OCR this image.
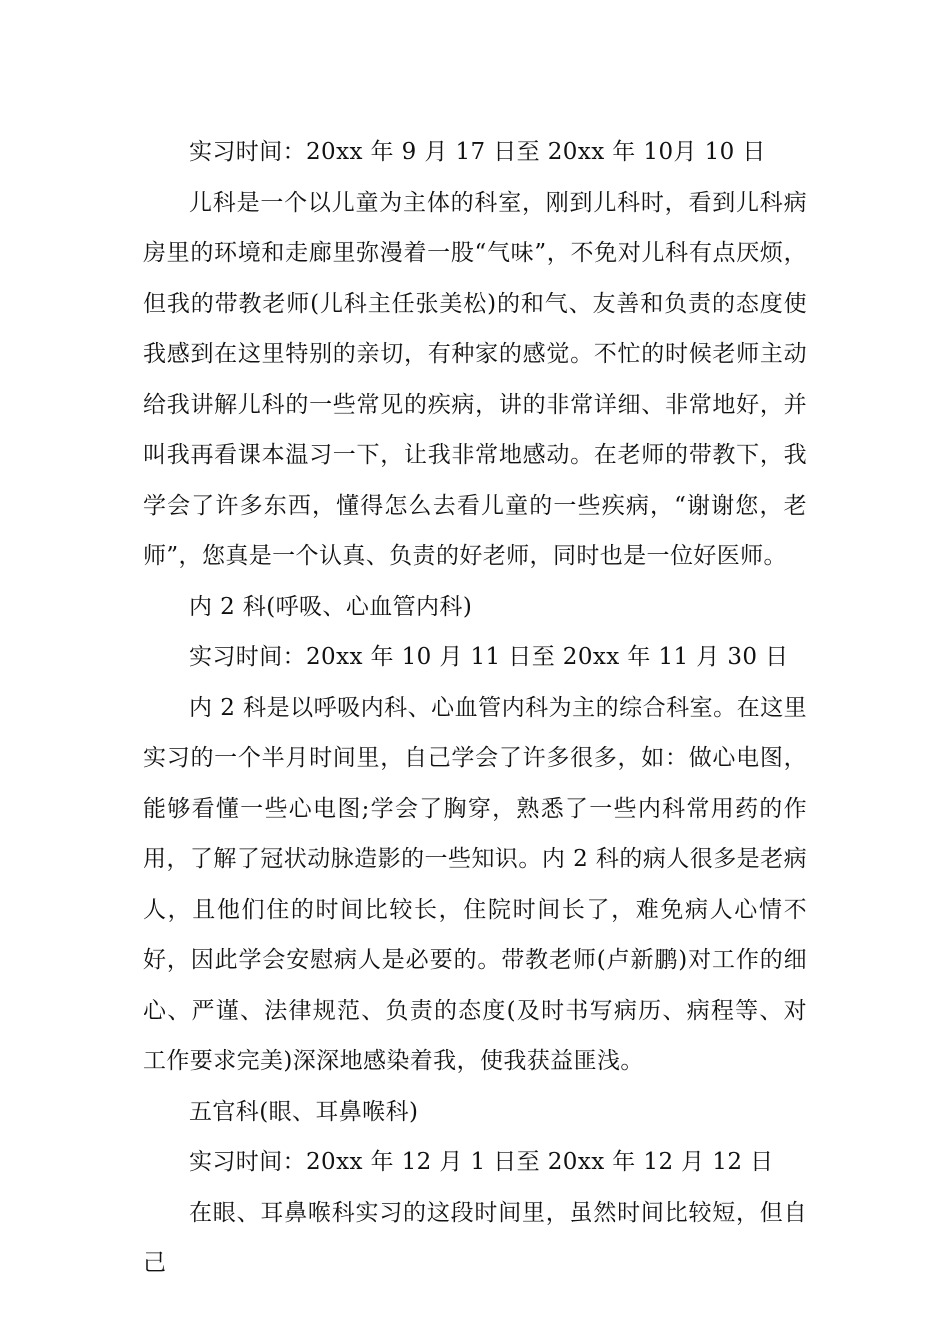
实习时间：20xx 年 9 月 17 日至 20xx 年 10月 10 日

儿科是一个以儿童为主体的科室，刚到儿科时，看到儿科病房里的环境和走廊里弥漫着一股“气味”，不免对儿科有点厌烦，但我的带教老师(儿科主任张美松)的和气、友善和负责的态度使我感到在这里特别的亲切，有种家的感觉。不忙的时候老师主动给我讲解儿科的一些常见的疾病，讲的非常详细、非常地好，并叫我再看课本温习一下，让我非常地感动。在老师的带教下，我学会了许多东西，懂得怎么去看儿童的一些疾病，“谢谢您，老师”，您真是一个认真、负责的好老师，同时也是一位好医师。

内 2 科(呼吸、心血管内科)

实习时间：20xx 年 10 月 11 日至 20xx 年 11 月 30 日

内 2 科是以呼吸内科、心血管内科为主的综合科室。在这里实习的一个半月时间里，自己学会了许多很多，如：做心电图，能够看懂一些心电图;学会了胸穿，熟悉了一些内科常用药的作用，了解了冠状动脉造影的一些知识。内 2 科的病人很多是老病人，且他们住的时间比较长，住院时间长了，难免病人心情不好，因此学会安慰病人是必要的。带教老师(卢新鹏)对工作的细心、严谨、法律规范、负责的态度(及时书写病历、病程等、对工作要求完美)深深地感染着我，使我获益匪浅。

五官科(眼、耳鼻喉科)

实习时间：20xx 年 12 月 1 日至 20xx 年 12 月 12 日

在眼、耳鼻喉科实习的这段时间里，虽然时间比较短，但自己
